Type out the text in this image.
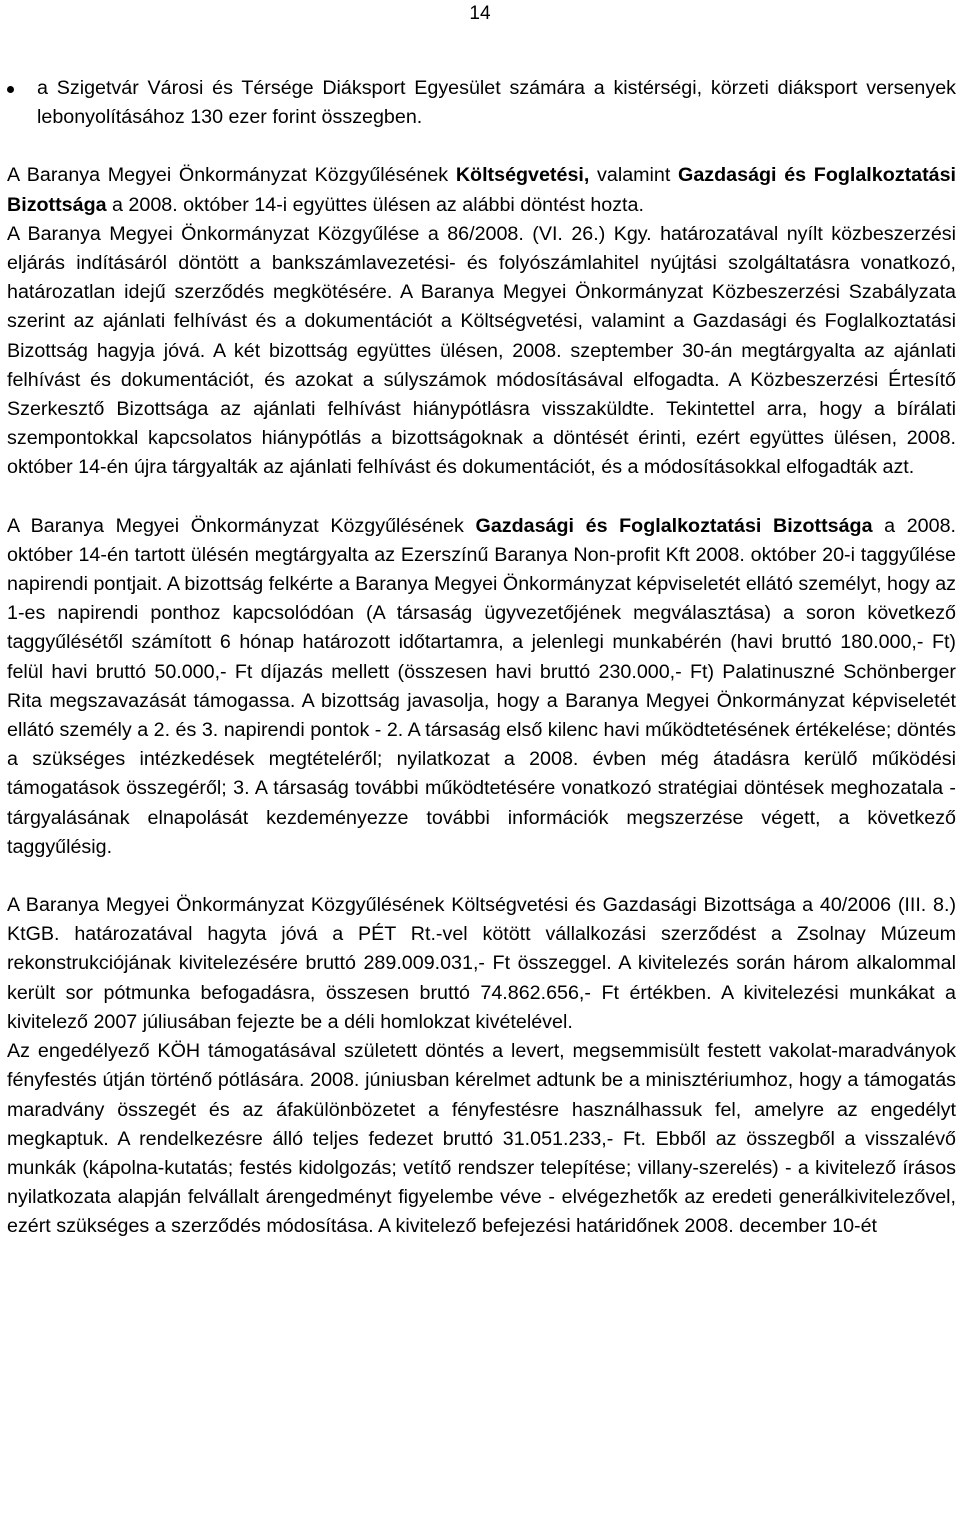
14

a Szigetvár Városi és Térsége Diáksport Egyesület számára a kistérségi, körzeti diáksport versenyek lebonyolításához 130 ezer forint összegben.

A Baranya Megyei Önkormányzat Közgyűlésének Költségvetési, valamint Gazdasági és Foglalkoztatási Bizottsága a 2008. október 14-i együttes ülésen az alábbi döntést hozta.

A Baranya Megyei Önkormányzat Közgyűlése a 86/2008. (VI. 26.) Kgy. határozatával nyílt közbeszerzési eljárás indításáról döntött a bankszámlavezetési- és folyószámlahitel nyújtási szolgáltatásra vonatkozó, határozatlan idejű szerződés megkötésére. A Baranya Megyei Önkormányzat Közbeszerzési Szabályzata szerint az ajánlati felhívást és a dokumentációt a Költségvetési, valamint a Gazdasági és Foglalkoztatási Bizottság hagyja jóvá. A két bizottság együttes ülésen, 2008. szeptember 30-án megtárgyalta az ajánlati felhívást és dokumentációt, és azokat a súlyszámok módosításával elfogadta. A Közbeszerzési Értesítő Szerkesztő Bizottsága az ajánlati felhívást hiánypótlásra visszaküldte. Tekintettel arra, hogy a bírálati szempontokkal kapcsolatos hiánypótlás a bizottságoknak a döntését érinti, ezért együttes ülésen, 2008. október 14-én újra tárgyalták az ajánlati felhívást és dokumentációt, és a módosításokkal elfogadták azt.

A Baranya Megyei Önkormányzat Közgyűlésének Gazdasági és Foglalkoztatási Bizottsága a 2008. október 14-én tartott ülésén megtárgyalta az Ezerszínű Baranya Non-profit Kft 2008. október 20-i taggyűlése napirendi pontjait. A bizottság felkérte a Baranya Megyei Önkormányzat képviseletét ellátó személyt, hogy az 1-es napirendi ponthoz kapcsolódóan (A társaság ügyvezetőjének megválasztása) a soron következő taggyűlésétől számított 6 hónap határozott időtartamra, a jelenlegi munkabérén (havi bruttó 180.000,- Ft) felül havi bruttó 50.000,- Ft díjazás mellett (összesen havi bruttó 230.000,- Ft) Palatinuszné Schönberger Rita megszavazását támogassa. A bizottság javasolja, hogy a Baranya Megyei Önkormányzat képviseletét ellátó személy a 2. és 3. napirendi pontok - 2. A társaság első kilenc havi működtetésének értékelése; döntés a szükséges intézkedések megtételéről; nyilatkozat a 2008. évben még átadásra kerülő működési támogatások összegéről; 3. A társaság további működtetésére vonatkozó stratégiai döntések meghozatala - tárgyalásának elnapolását kezdeményezze további információk megszerzése végett, a következő taggyűlésig.

A Baranya Megyei Önkormányzat Közgyűlésének Költségvetési és Gazdasági Bizottsága a 40/2006 (III. 8.) KtGB. határozatával hagyta jóvá a PÉT Rt.-vel kötött vállalkozási szerződést a Zsolnay Múzeum rekonstrukciójának kivitelezésére bruttó 289.009.031,- Ft összeggel. A kivitelezés során három alkalommal került sor pótmunka befogadásra, összesen bruttó 74.862.656,- Ft értékben. A kivitelezési munkákat a kivitelező 2007 júliusában fejezte be a déli homlokzat kivételével.

Az engedélyező KÖH támogatásával született döntés a levert, megsemmisült festett vakolat-maradványok fényfestés útján történő pótlására. 2008. júniusban kérelmet adtunk be a minisztériumhoz, hogy a támogatás maradvány összegét és az áfakülönbözetet a fényfestésre használhassuk fel, amelyre az engedélyt megkaptuk. A rendelkezésre álló teljes fedezet bruttó 31.051.233,- Ft. Ebből az összegből a visszalévő munkák (kápolna-kutatás; festés kidolgozás; vetítő rendszer telepítése; villany-szerelés) - a kivitelező írásos nyilatkozata alapján felvállalt árengedményt figyelembe véve - elvégezhetők az eredeti generálkivitelezővel, ezért szükséges a szerződés módosítása. A kivitelező befejezési határidőnek 2008. december 10-ét
